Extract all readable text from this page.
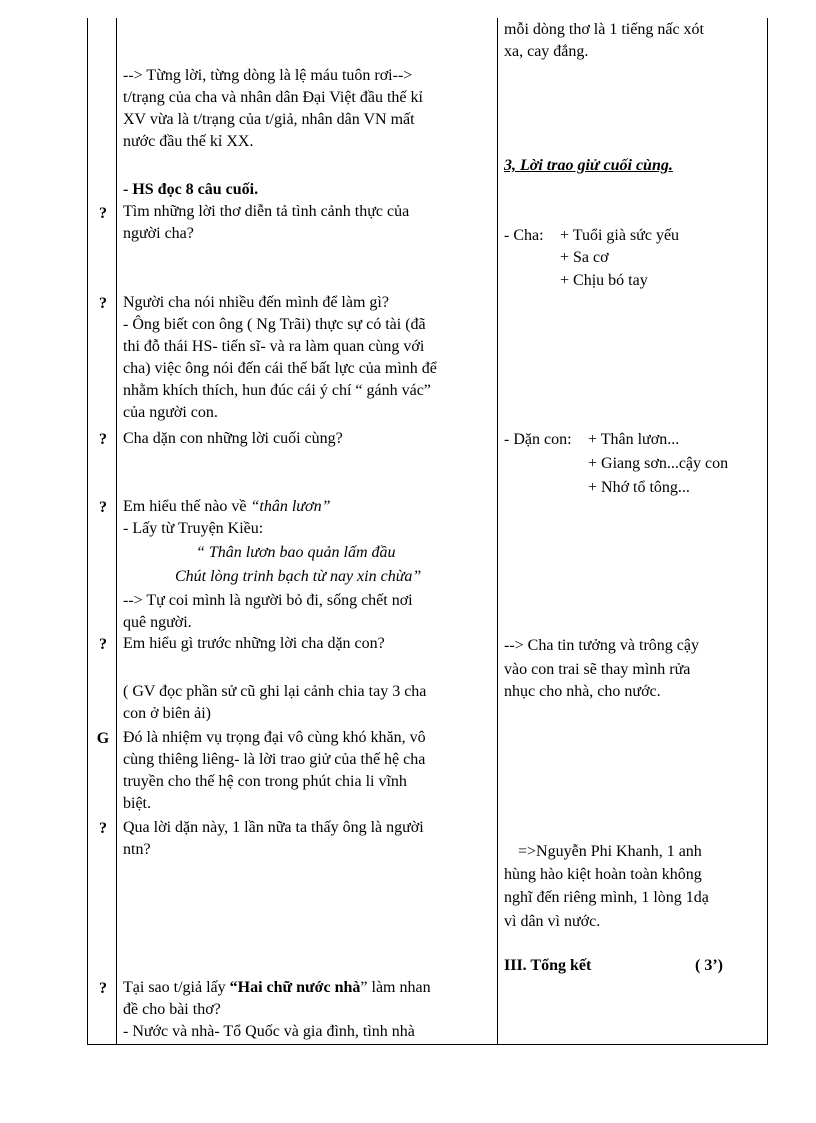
?
?
?
?
?
G
?
?
--> Từng lời, từng dòng là lệ máu tuôn rơi-->
t/trạng của cha và nhân dân Đại Việt đầu thế kỉ
XV vừa là t/trạng của t/giả, nhân dân VN mất
nước đầu thế kỉ XX.
- HS đọc 8 câu cuối.
Tìm những lời thơ diễn tả tình cảnh thực của
người cha?
Người cha nói nhiều đến mình để làm gì?
- Ông biết con ông ( Ng Trãi) thực sự có tài (đã
thi đỗ thái HS- tiến sĩ- và ra làm quan cùng với
cha) việc ông nói đến cái thế bất lực của mình để
nhằm khích thích, hun đúc cái ý chí “ gánh vác”
của người con.
Cha dặn con những lời cuối cùng?
Em hiểu thế nào về “thân lươn”
- Lấy từ Truyện Kiều:
“ Thân lươn bao quản lấm đầu
Chút lòng trinh bạch từ nay xin chừa”
--> Tự coi mình là người bỏ đi, sống chết nơi
quê người.
Em hiểu gì trước những lời cha dặn con?
( GV đọc phần sử cũ ghi lại cảnh chia tay 3 cha
con ở biên ải)
Đó là nhiệm vụ trọng đại vô cùng khó khăn, vô
cùng thiêng liêng- là lời trao giử của thế hệ cha
truyền cho thế hệ con trong phút chia li vĩnh
biệt.
Qua lời dặn này, 1 lần nữa ta thấy ông là người
ntn?
Tại sao t/giả lấy “Hai chữ nước nhà” làm nhan
đề cho bài thơ?
- Nước và nhà- Tổ Quốc và gia đình, tình nhà
mỗi dòng thơ là 1 tiếng nấc xót
xa, cay đắng.
3, Lời trao giử cuối cùng.
- Cha: + Tuổi già sức yếu
+ Sa cơ
+ Chịu bó tay
- Dặn con: + Thân lươn...
+ Giang sơn...cậy con
+ Nhớ tổ tông...
--> Cha tin tưởng và trông cậy
vào con trai sẽ thay mình rửa
nhục cho nhà, cho nước.
=>Nguyễn Phi Khanh, 1 anh
hùng hào kiệt hoàn toàn không
nghĩ đến riêng mình, 1 lòng 1dạ
vì dân vì nước.
III. Tổng kết	( 3’)
